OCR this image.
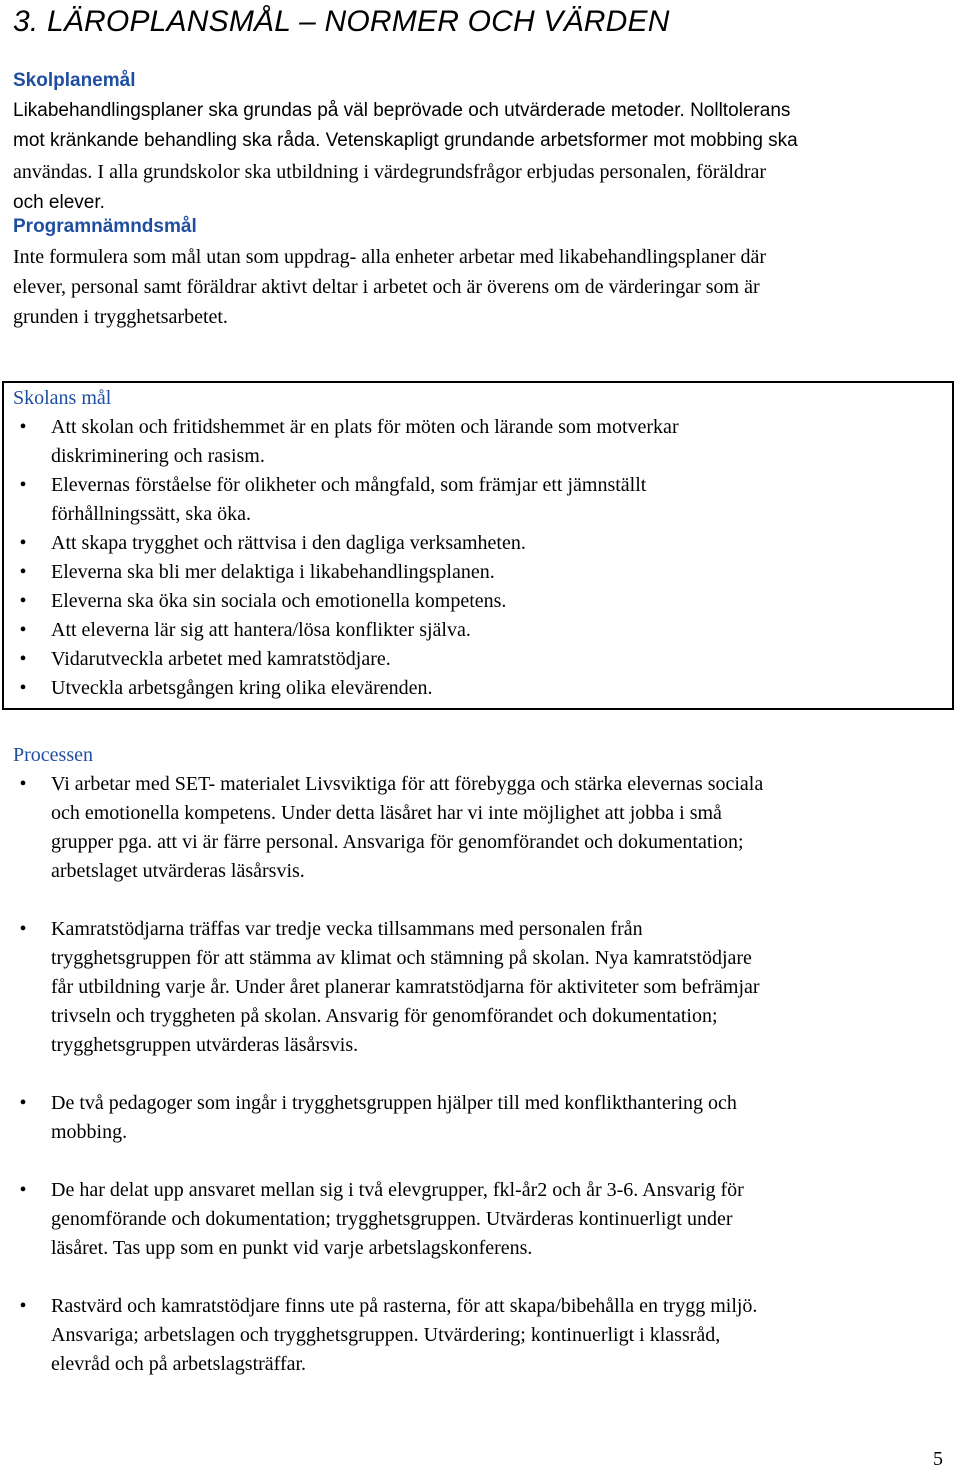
3. LÄROPLANSMÅL – NORMER OCH VÄRDEN

Skolplanemål

Likabehandlingsplaner ska grundas på väl beprövade och utvärderade metoder. Nolltolerans

mot kränkande behandling ska råda. Vetenskapligt grundande arbetsformer mot mobbing ska

användas. I alla grundskolor ska utbildning i värdegrundsfrågor erbjudas personalen, föräldrar

och elever.

Programnämndsmål

Inte formulera som mål utan som uppdrag- alla enheter arbetar med likabehandlingsplaner där

elever, personal samt föräldrar aktivt deltar i arbetet och är överens om de värderingar som är

grunden i trygghetsarbetet.

Skolans mål

•	Att skolan och fritidshemmet är en plats för möten och lärande som motverkar
diskriminering och rasism.
•	Elevernas förståelse för olikheter och mångfald, som främjar ett jämnställt
förhållningssätt, ska öka.
•	Att skapa trygghet och rättvisa i den dagliga verksamheten.
•	Eleverna ska bli mer delaktiga i likabehandlingsplanen.
•	Eleverna ska öka sin sociala och emotionella kompetens.
•	Att eleverna lär sig att hantera/lösa konflikter själva.
•	Vidarutveckla arbetet med kamratstödjare.
•	Utveckla arbetsgången kring olika elevärenden.

Processen

•	Vi arbetar med SET- materialet Livsviktiga för att förebygga och stärka elevernas sociala
och emotionella kompetens. Under detta läsåret har vi inte möjlighet att jobba i små
grupper pga. att vi är färre personal. Ansvariga för genomförandet och dokumentation;
arbetslaget utvärderas läsårsvis.
•	Kamratstödjarna träffas var tredje vecka tillsammans med personalen från
trygghetsgruppen för att stämma av klimat och stämning på skolan. Nya kamratstödjare
får utbildning varje år. Under året planerar kamratstödjarna för aktiviteter som befrämjar
trivseln och tryggheten på skolan. Ansvarig för genomförandet och dokumentation;
trygghetsgruppen utvärderas läsårsvis.
•	De två pedagoger som ingår i trygghetsgruppen hjälper till med konflikthantering och
mobbing.
•	De har delat upp ansvaret mellan sig i två elevgrupper, fkl-år2 och år 3-6. Ansvarig för
genomförande och dokumentation; trygghetsgruppen. Utvärderas kontinuerligt under
läsåret. Tas upp som en punkt vid varje arbetslagskonferens.
•	Rastvärd och kamratstödjare finns ute på rasterna, för att skapa/bibehålla en trygg miljö.
Ansvariga; arbetslagen och trygghetsgruppen. Utvärdering; kontinuerligt i klassråd,
elevråd och på arbetslagsträffar.
5
